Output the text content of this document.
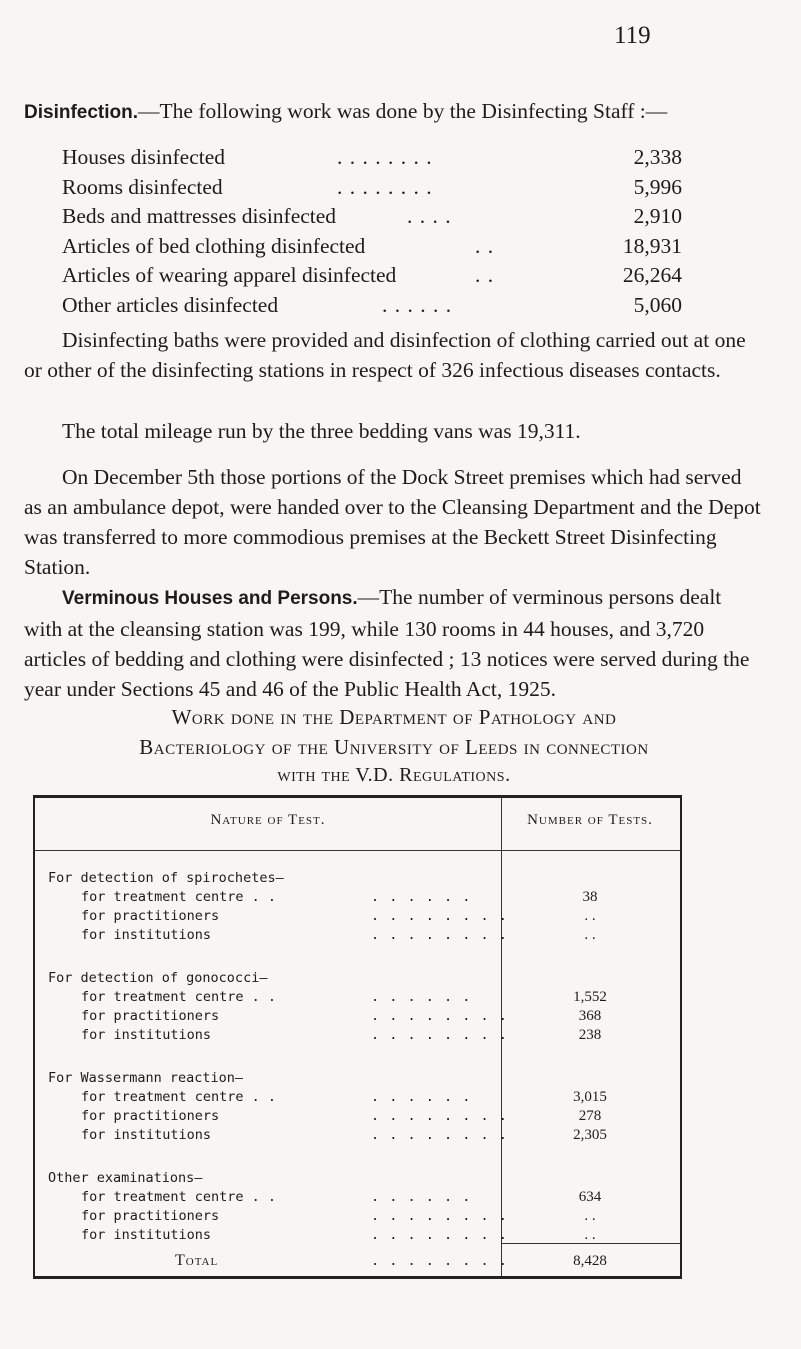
119
Disinfection.—The following work was done by the Disinfecting Staff :—
Houses disinfected	. . . . . . . .	2,338
Rooms disinfected	. . . . . . . .	5,996
Beds and mattresses disinfected	. . . .	2,910
Articles of bed clothing disinfected	. .	18,931
Articles of wearing apparel disinfected	. .	26,264
Other articles disinfected	. . . . . .	5,060
Disinfecting baths were provided and disinfection of clothing carried out at one or other of the disinfecting stations in respect of 326 infectious diseases contacts.
The total mileage run by the three bedding vans was 19,311.
On December 5th those portions of the Dock Street premises which had served as an ambulance depot, were handed over to the Cleansing Department and the Depot was transferred to more commodious premises at the Beckett Street Disinfecting Station.
Verminous Houses and Persons.—The number of verminous persons dealt with at the cleansing station was 199, while 130 rooms in 44 houses, and 3,720 articles of bedding and clothing were disinfected ; 13 notices were served during the year under Sections 45 and 46 of the Public Health Act, 1925.
Work done in the Department of Pathology and
Bacteriology of the University of Leeds in connection
with the V.D. Regulations.
Nature of Test.	Number of Tests.
For detection of spirochetes—
for treatment centre . .	. . . . . .	38
for practitioners	. . . . . . . .	. .
for institutions	. . . . . . . .	. .
For detection of gonococci—
for treatment centre . .	. . . . . .	1,552
for practitioners	. . . . . . . .	368
for institutions	. . . . . . . .	238
For Wassermann reaction—
for treatment centre . .	. . . . . .	3,015
for practitioners	. . . . . . . .	278
for institutions	. . . . . . . .	2,305
Other examinations—
for treatment centre . .	. . . . . .	634
for practitioners	. . . . . . . .	. .
for institutions	. . . . . . . .	. .
Total	. . . . . . . .	8,428
